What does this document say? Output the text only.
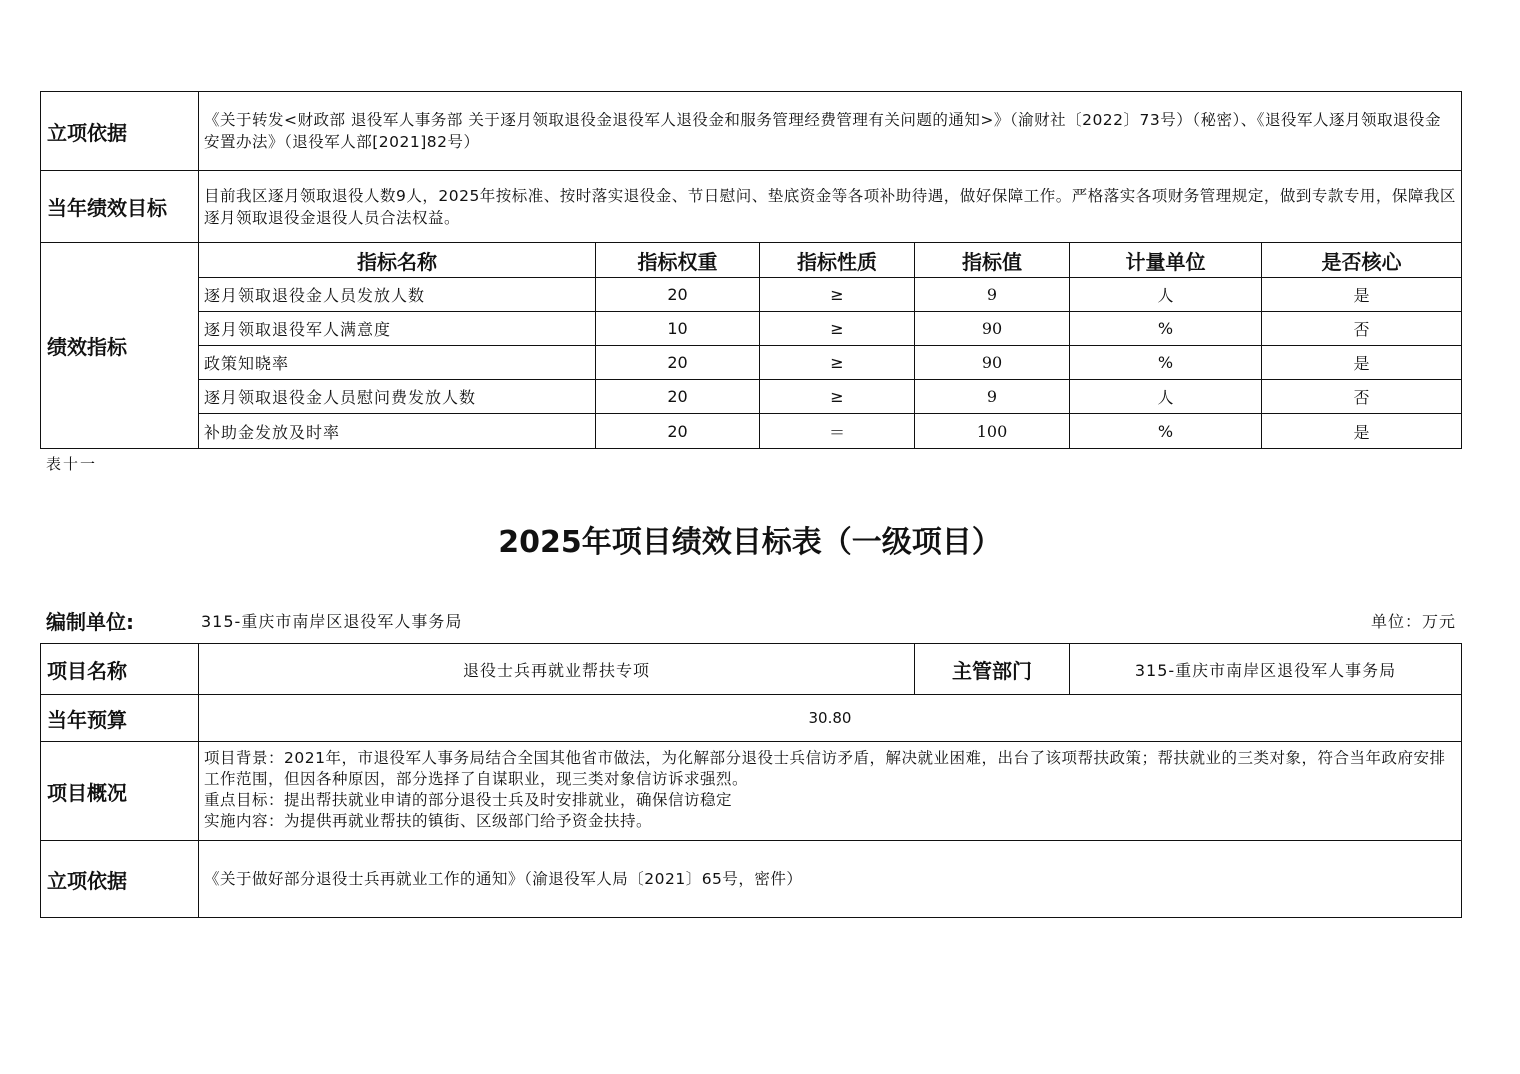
立项依据	《关于转发<财政部 退役军人事务部 关于逐月领取退役金退役军人退役金和服务管理经费管理有关问题的通知>》（渝财社〔2022〕73号）（秘密）、《退役军人逐月领取退役金安置办法》（退役军人部[2021]82号）					
当年绩效目标	目前我区逐月领取退役人数9人，2025年按标准、按时落实退役金、节日慰问、垫底资金等各项补助待遇，做好保障工作。严格落实各项财务管理规定，做到专款专用，保障我区逐月领取退役金退役人员合法权益。					
绩效指标	指标名称	指标权重	指标性质	指标值	计量单位	是否核心
	逐月领取退役金人员发放人数	20	≥	9	人	是
	逐月领取退役军人满意度	10	≥	90	%	否
	政策知晓率	20	≥	90	%	是
	逐月领取退役金人员慰问费发放人数	20	≥	9	人	否
	补助金发放及时率	20	＝	100	%	是
表十一
2025年项目绩效目标表（一级项目）
编制单位:	315-重庆市南岸区退役军人事务局	单位：万元
项目名称	退役士兵再就业帮扶专项	主管部门	315-重庆市南岸区退役军人事务局
当年预算	30.80		
项目概况	项目背景：2021年，市退役军人事务局结合全国其他省市做法，为化解部分退役士兵信访矛盾，解决就业困难，出台了该项帮扶政策；帮扶就业的三类对象，符合当年政府安排工作范围，但因各种原因，部分选择了自谋职业，现三类对象信访诉求强烈。
重点目标：提出帮扶就业申请的部分退役士兵及时安排就业，确保信访稳定
实施内容：为提供再就业帮扶的镇街、区级部门给予资金扶持。		

立项依据	《关于做好部分退役士兵再就业工作的通知》（渝退役军人局〔2021〕65号，密件）		
